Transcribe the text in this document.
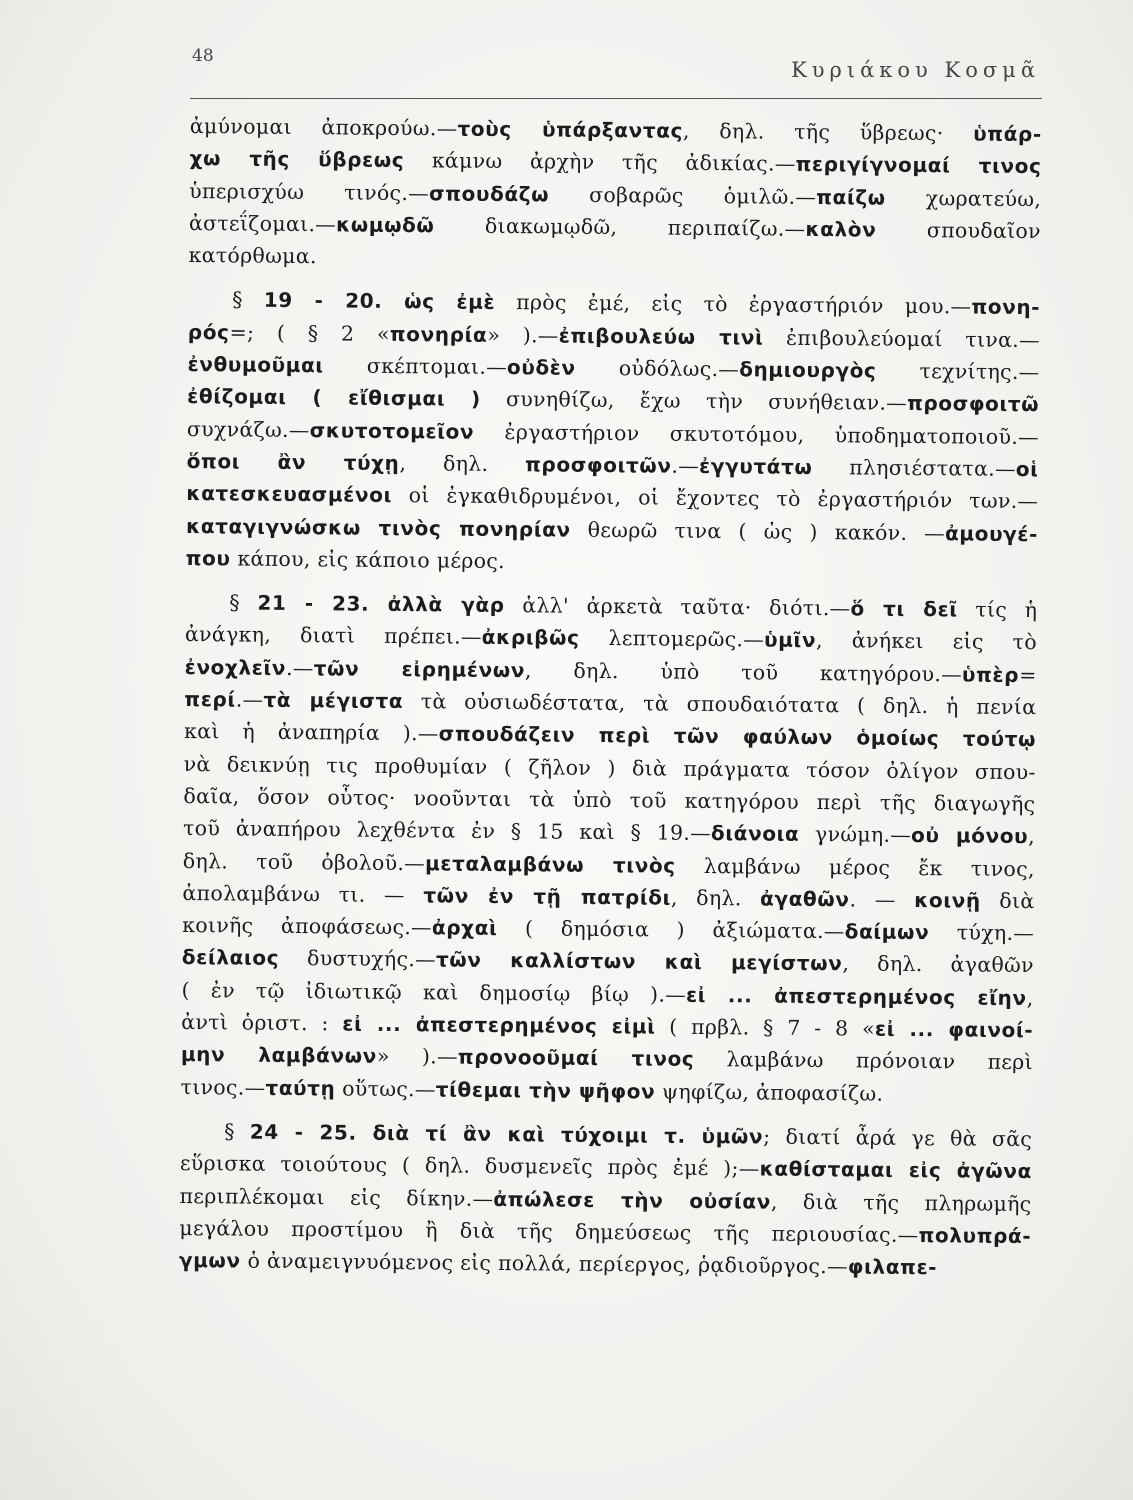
48
Κυριάκου Κοσμᾶ
ἀμύνομαι ἀποκρούω.—τοὺς ὑπάρξαντας, δηλ. τῆς ὕβρεως· ὑπάρ-
χω τῆς ὕβρεως κάμνω ἀρχὴν τῆς ἀδικίας.—περιγίγνομαί τινος
ὑπερισχύω τινός.—σπουδάζω σοβαρῶς ὁμιλῶ.—παίζω χωρατεύω,
ἀστεΐζομαι.—κωμῳδῶ διακωμῳδῶ, περιπαίζω.—καλὸν σπουδαῖον
κατόρθωμα.
§ 19 - 20. ὡς ἐμὲ πρὸς ἐμέ, εἰς τὸ ἐργαστήριόν μου.—πονη-
ρός=; ( § 2 «πονηρία» ).—ἐπιβουλεύω τινὶ ἐπιβουλεύομαί τινα.—
ἐνθυμοῦμαι σκέπτομαι.—οὐδὲν οὐδόλως.—δημιουργὸς τεχνίτης.—
ἐθίζομαι ( εἴθισμαι ) συνηθίζω, ἔχω τὴν συνήθειαν.—προσφοιτῶ
συχνάζω.—σκυτοτομεῖον ἐργαστήριον σκυτοτόμου, ὑποδηματοποιοῦ.—
ὅποι ἂν τύχῃ, δηλ. προσφοιτῶν.—ἐγγυτάτω πλησιέστατα.—οἱ
κατεσκευασμένοι οἱ ἐγκαθιδρυμένοι, οἱ ἔχοντες τὸ ἐργαστήριόν των.—
καταγιγνώσκω τινὸς πονηρίαν θεωρῶ τινα ( ὡς ) κακόν. —ἀμουγέ-
που κάπου, εἰς κάποιο μέρος.
§ 21 - 23. ἀλλὰ γὰρ ἀλλ' ἀρκετὰ ταῦτα· διότι.—ὅ τι δεῖ τίς ἡ
ἀνάγκη, διατὶ πρέπει.—ἀκριβῶς λεπτομερῶς.—ὑμῖν, ἀνήκει εἰς τὸ
ἐνοχλεῖν.—τῶν εἰρημένων, δηλ. ὑπὸ τοῦ κατηγόρου.—ὑπὲρ=
περί.—τὰ μέγιστα τὰ οὐσιωδέστατα, τὰ σπουδαιότατα ( δηλ. ἡ πενία
καὶ ἡ ἀναπηρία ).—σπουδάζειν περὶ τῶν φαύλων ὁμοίως τούτῳ
νὰ δεικνύῃ τις προθυμίαν ( ζῆλον ) διὰ πράγματα τόσον ὀλίγον σπου-
δαῖα, ὅσον οὗτος· νοοῦνται τὰ ὑπὸ τοῦ κατηγόρου περὶ τῆς διαγωγῆς
τοῦ ἀναπήρου λεχθέντα ἐν § 15 καὶ § 19.—διάνοια γνώμη.—οὐ μόνου,
δηλ. τοῦ ὀβολοῦ.—μεταλαμβάνω τινὸς λαμβάνω μέρος ἔκ τινος,
ἀπολαμβάνω τι. — τῶν ἐν τῇ πατρίδι, δηλ. ἀγαθῶν. — κοινῇ διὰ
κοινῆς ἀποφάσεως.—ἀρχαὶ ( δημόσια ) ἀξιώματα.—δαίμων τύχη.—
δείλαιος δυστυχής.—τῶν καλλίστων καὶ μεγίστων, δηλ. ἀγαθῶν
( ἐν τῷ ἰδιωτικῷ καὶ δημοσίῳ βίῳ ).—εἰ ... ἀπεστερημένος εἴην,
ἀντὶ ὁριστ. : εἰ ... ἀπεστερημένος εἰμὶ ( πρβλ. § 7 - 8 «εἰ ... φαινοί-
μην λαμβάνων» ).—προνοοῦμαί τινος λαμβάνω πρόνοιαν περὶ
τινος.—ταύτῃ οὕτως.—τίθεμαι τὴν ψῆφον ψηφίζω, ἀποφασίζω.
§ 24 - 25. διὰ τί ἂν καὶ τύχοιμι τ. ὑμῶν; διατί ἆρά γε θὰ σᾶς
εὕρισκα τοιούτους ( δηλ. δυσμενεῖς πρὸς ἐμέ );—καθίσταμαι εἰς ἀγῶνα
περιπλέκομαι εἰς δίκην.—ἀπώλεσε τὴν οὐσίαν, διὰ τῆς πληρωμῆς
μεγάλου προστίμου ἢ διὰ τῆς δημεύσεως τῆς περιουσίας.—πολυπρά-
γμων ὁ ἀναμειγνυόμενος εἰς πολλά, περίεργος, ῥᾳδιοῦργος.—φιλαπε-
